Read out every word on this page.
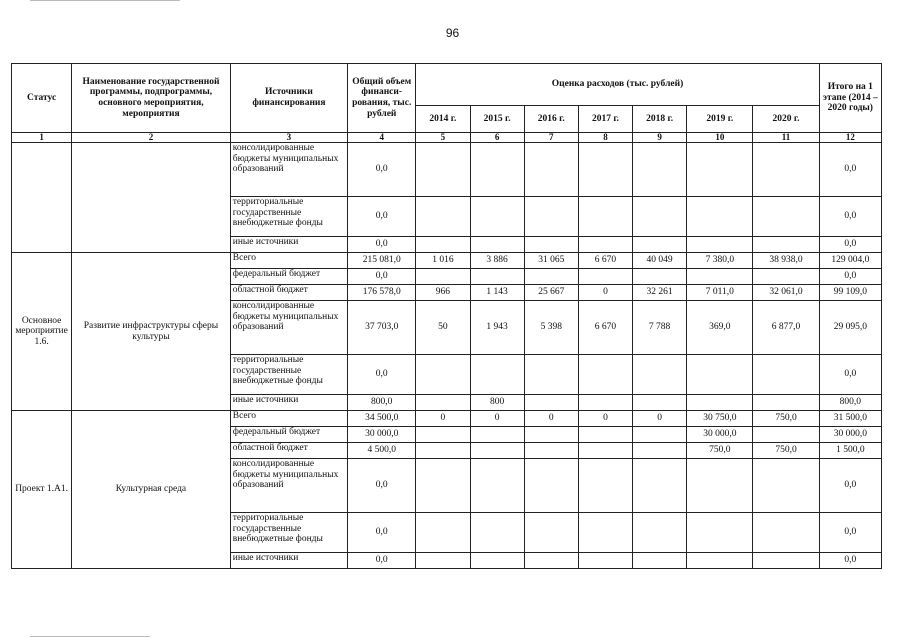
96
Статус	Наименование государственной программы, подпрограммы, основного мероприятия, мероприятия	Источники финансирования	Общий объем финанси-рования, тыс. рублей	Оценка расходов (тыс. рублей)							Итого на 1 этапе (2014 – 2020 годы)
				2014 г.	2015 г.	2016 г.	2017 г.	2018 г.	2019 г.	2020 г.	
1	2	3	4	5	6	7	8	9	10	11	12
		консолидированные бюджеты муниципальных образований	0,0								0,0
		территориальные государственные внебюджетные фонды	0,0								0,0
		иные источники	0,0								0,0
Основное мероприятие 1.6.	Развитие инфраструктуры сферы культуры	Всего	215 081,0	1 016	3 886	31 065	6 670	40 049	7 380,0	38 938,0	129 004,0
		федеральный бюджет	0,0								0,0
		областной бюджет	176 578,0	966	1 143	25 667	0	32 261	7 011,0	32 061,0	99 109,0
		консолидированные бюджеты муниципальных образований	37 703,0	50	1 943	5 398	6 670	7 788	369,0	6 877,0	29 095,0
		территориальные государственные внебюджетные фонды	0,0								0,0
		иные источники	800,0		800						800,0
Проект 1.А1.	Культурная среда	Всего	34 500,0	0	0	0	0	0	30 750,0	750,0	31 500,0
		федеральный бюджет	30 000,0						30 000,0		30 000,0
		областной бюджет	4 500,0						750,0	750,0	1 500,0
		консолидированные бюджеты муниципальных образований	0,0								0,0
		территориальные государственные внебюджетные фонды	0,0								0,0
		иные источники	0,0								0,0
